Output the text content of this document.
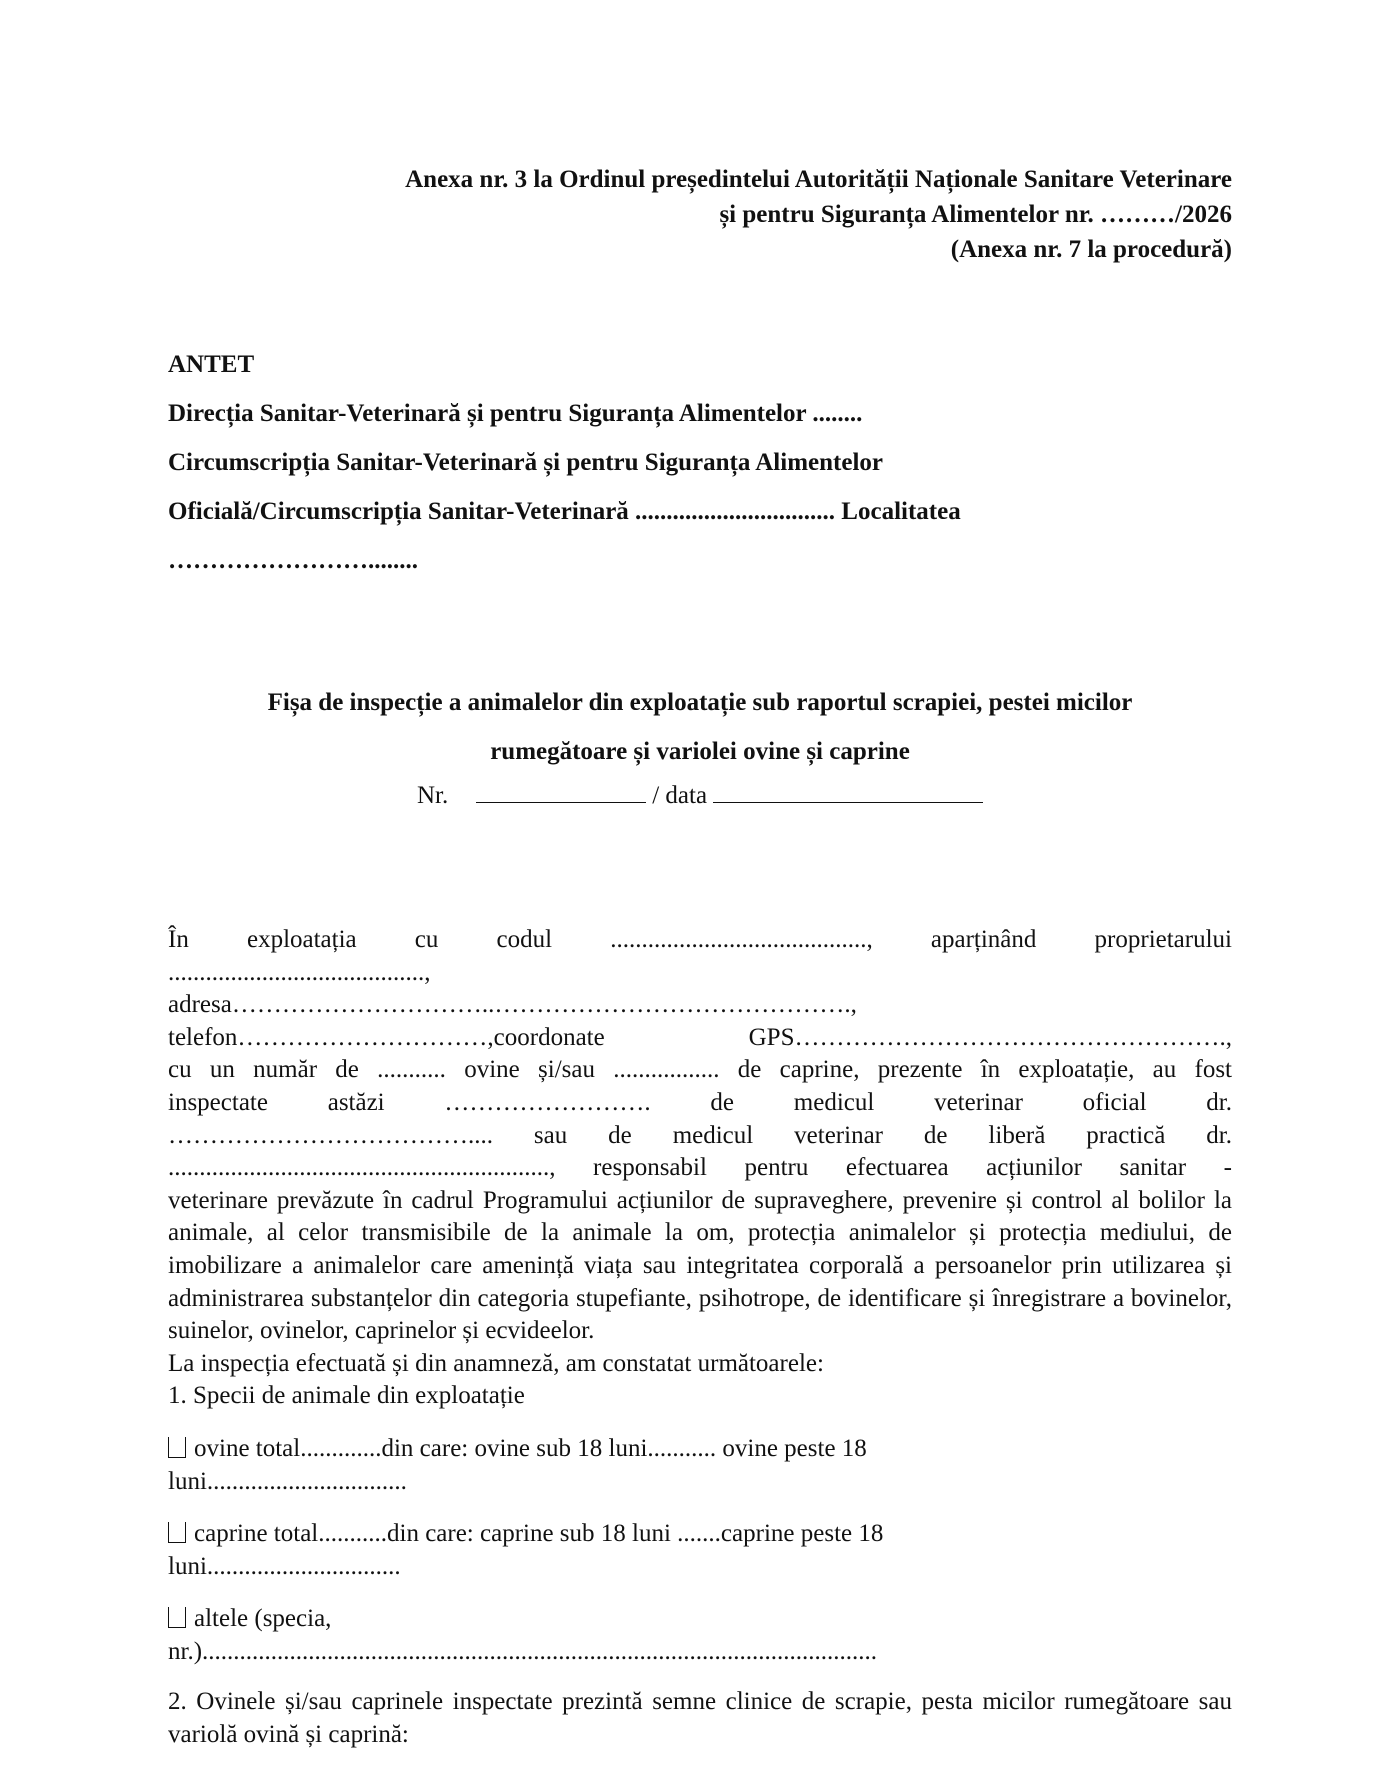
Anexa nr. 3 la Ordinul președintelui Autorității Naționale Sanitare Veterinare
și pentru Siguranța Alimentelor nr. ………/2026
(Anexa nr. 7 la procedură)
ANTET
Direcția Sanitar-Veterinară și pentru Siguranța Alimentelor ........
Circumscripția Sanitar-Veterinară și pentru Siguranța Alimentelor
Oficială/Circumscripția Sanitar-Veterinară ................................ Localitatea
……………………........
Fișa de inspecție a animalelor din exploatație sub raportul scrapiei, pestei micilor
rumegătoare și variolei ovine și caprine
Nr.	/ data
În exploatația cu codul ........................................., aparținând proprietarului
.........................................,
adresa…………………………..…………………………………….,
telefon…………………………,coordonate GPS…………………………………………….,
cu un număr de ........... ovine și/sau ................. de caprine, prezente în exploatație, au fost
inspectate astăzi ……………………. de medicul veterinar oficial dr.
……………………………….... sau de medicul veterinar de liberă practică dr.
............................................................., responsabil pentru efectuarea acțiunilor sanitar -
veterinare prevăzute în cadrul Programului acțiunilor de supraveghere, prevenire și control al bolilor la animale, al celor transmisibile de la animale la om, protecția animalelor și protecția mediului, de imobilizare a animalelor care amenință viața sau integritatea corporală a persoanelor prin utilizarea și administrarea substanțelor din categoria stupefiante, psihotrope, de identificare și înregistrare a bovinelor, suinelor, ovinelor, caprinelor și ecvideelor.
La inspecția efectuată și din anamneză, am constatat următoarele:
1. Specii de animale din exploatație
ovine total.............din care: ovine sub 18 luni........... ovine peste 18
luni................................
caprine total...........din care: caprine sub 18 luni .......caprine peste 18
luni...............................
altele (specia,
nr.)............................................................................................................
2. Ovinele și/sau caprinele inspectate prezintă semne clinice de scrapie, pesta micilor rumegătoare sau variolă ovină și caprină:
